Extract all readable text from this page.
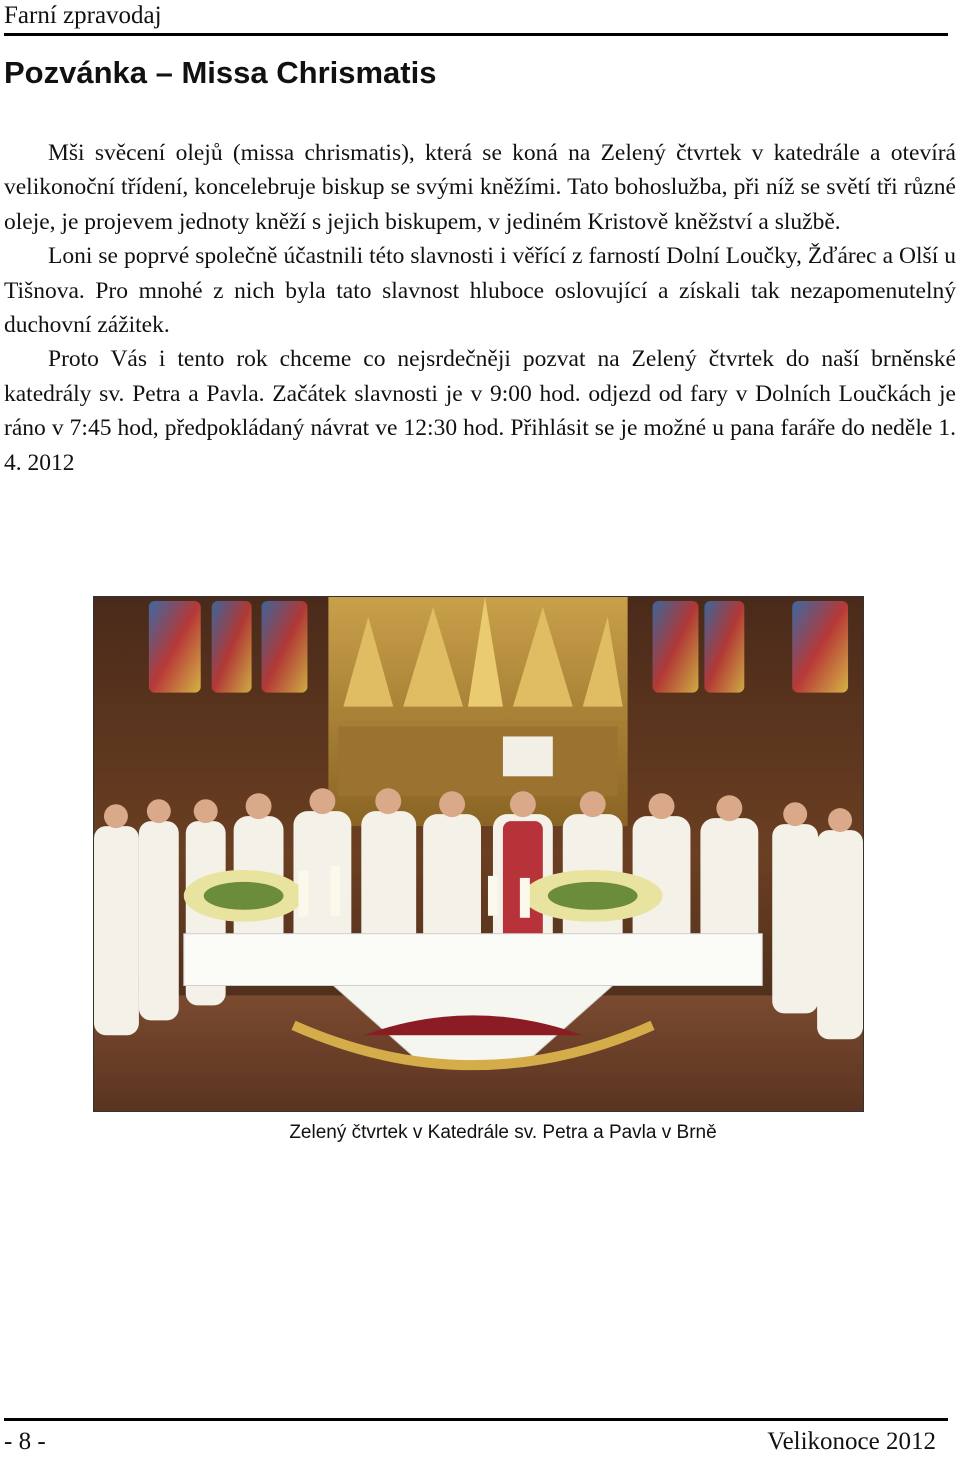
Farní zpravodaj
Pozvánka – Missa Chrismatis

Mši svěcení olejů (missa chrismatis), která se koná na Zelený čtvrtek v katedrále a otevírá velikonoční třídení, koncelebruje biskup se svými kněžími. Tato bohoslužba, při níž se světí tři různé oleje, je projevem jednoty kněží s jejich biskupem, v jediném Kristově kněžství a službě.

Loni se poprvé společně účastnili této slavnosti i věřící z farností Dolní Loučky, Žďárec a Olší u Tišnova. Pro mnohé z nich byla tato slavnost hluboce oslovující a získali tak nezapomenutelný duchovní zážitek.

Proto Vás i tento rok chceme co nejsrdečněji pozvat na Zelený čtvrtek do naší brněnské katedrály sv. Petra a Pavla. Začátek slavnosti je v 9:00 hod. odjezd od fary v Dolních Loučkách je ráno v 7:45 hod, předpokládaný návrat ve 12:30 hod. Přihlásit se je možné u pana faráře do neděle 1. 4. 2012

Zelený čtvrtek v Katedrále sv. Petra a Pavla v Brně
- 8 -	Velikonoce 2012
